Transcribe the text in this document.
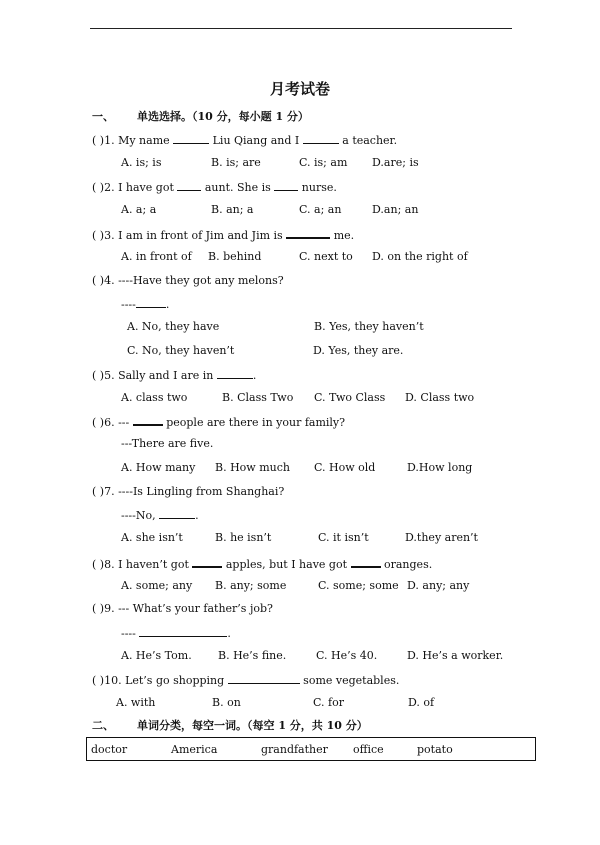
月考试卷
一、 单选选择。（10 分，每小题 1 分）
( )1. My name	Liu Qiang and I	a teacher.
A. is; is	B. is; are	C. is; am D.are; is
( )2. I have got  aunt. She is  nurse.
A. a; a	B. an; a	C. a; an	D.an; an
( )3. I am in front of Jim and Jim is	me.
A. in front of B. behind	C. next to D. on the right of
( )4. ----Have they got any melons?
----	.
A. No, they have	B. Yes, they haven’t
C. No, they haven’t	D. Yes, they are.
( )5. Sally and I are in	.
A. class two	B. Class Two C. Two Class D. Class two
( )6. ---	people are there in your family?
---There are five.
A. How many B. How much C. How old	D.How long
( )7. ----Is Lingling from Shanghai?
----No,	.
A. she isn’t	B. he isn’t	C. it isn’t	D.they aren’t
( )8. I haven’t got	apples, but I have got	oranges.
A. some; any B. any; some	C. some; some D. any; any
( )9. --- What’s your father’s job?
----	.
A. He’s Tom. B. He’s fine.	C. He’s 40.	D. He’s a worker.
( )10. Let’s go shopping	some vegetables.
A. with	B. on	C. for	D. of
二、 单词分类，每空一词。（每空 1 分，共 10 分）
doctor	America	grandfather office	potato
